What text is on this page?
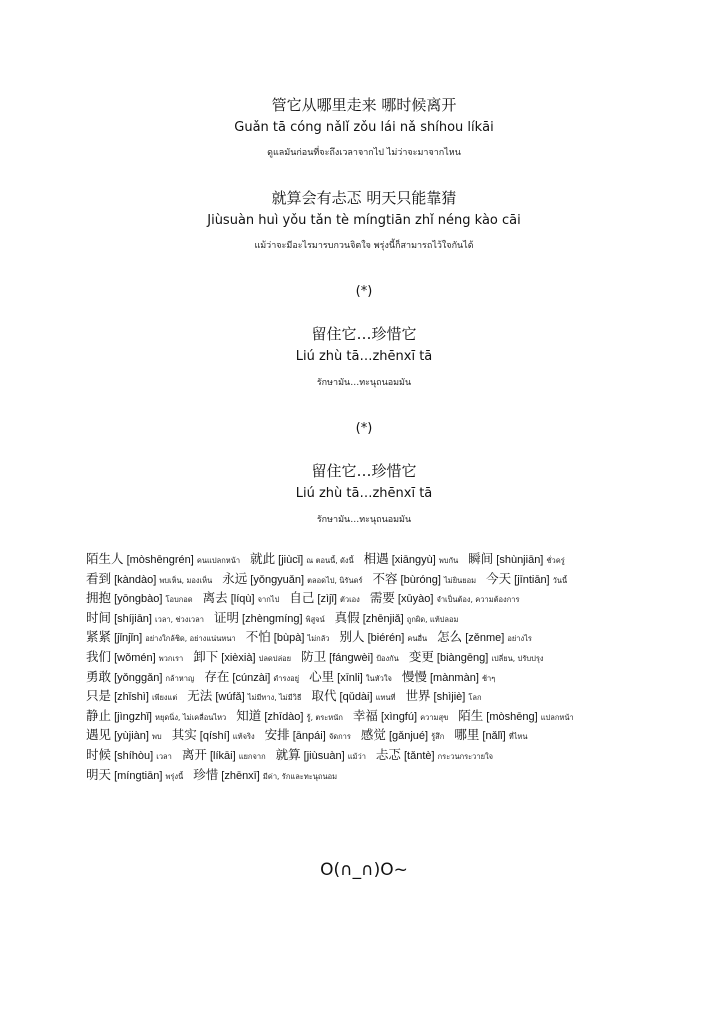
管它从哪里走来 哪时候离开
Guǎn tā cóng nǎlǐ zǒu lái nǎ shíhou líkāi
ดูแลมันก่อนที่จะถึงเวลาจากไป ไม่ว่าจะมาจากไหน
就算会有忐忑 明天只能靠猜
Jiùsuàn huì yǒu tǎn tè míngtiān zhǐ néng kào cāi
แม้ว่าจะมีอะไรมารบกวนจิตใจ พรุ่งนี้ก็สามารถไว้ใจกันได้
(*)
留住它…珍惜它
Liú zhù tā…zhēnxī tā
รักษามัน…ทะนุถนอมมัน
(*)
留住它…珍惜它
Liú zhù tā…zhēnxī tā
รักษามัน…ทะนุถนอมมัน
陌生人 [mòshēngrén] คนแปลกหน้า 就此 [jiùcǐ] ณ ตอนนี้, ดังนี้ 相遇 [xiāngyù] พบกัน 瞬间 [shùnjiān] ชั่วครู่
看到 [kàndào] พบเห็น, มองเห็น 永远 [yǒngyuǎn] ตลอดไป, นิรันดร์ 不容 [bùróng] ไม่ยินยอม 今天 [jīntiān] วันนี้
拥抱 [yōngbào] โอบกอด 离去 [líqù] จากไป 自己 [zìjǐ] ตัวเอง 需要 [xūyào] จำเป็นต้อง, ความต้องการ
时间 [shíjiān] เวลา, ช่วงเวลา 证明 [zhèngmíng] พิสูจน์ 真假 [zhēnjiǎ] ถูกผิด, แท้ปลอม
紧紧 [jǐnjǐn] อย่างใกล้ชิด, อย่างแน่นหนา 不怕 [bùpà] ไม่กลัว 别人 [biérén] คนอื่น 怎么 [zěnme] อย่างไร
我们 [wǒmén] พวกเรา 卸下 [xièxià] ปลดปล่อย 防卫 [fángwèi] ป้องกัน 变更 [biàngēng] เปลี่ยน, ปรับปรุง
勇敢 [yǒnggǎn] กล้าหาญ 存在 [cúnzài] ดำรงอยู่ 心里 [xīnli] ในหัวใจ 慢慢 [mànmàn] ช้าๆ
只是 [zhǐshì] เพียงแต่ 无法 [wúfǎ] ไม่มีทาง, ไม่มีวิธี 取代 [qǔdài] แทนที่ 世界 [shìjiè] โลก
静止 [jìngzhǐ] หยุดนิ่ง, ไม่เคลื่อนไหว 知道 [zhīdào] รู้, ตระหนัก 幸福 [xìngfú] ความสุข 陌生 [mòshēng] แปลกหน้า
遇见 [yùjiàn] พบ 其实 [qíshí] แท้จริง 安排 [ānpái] จัดการ 感觉 [gǎnjué] รู้สึก 哪里 [nǎlǐ] ที่ไหน
时候 [shíhòu] เวลา 离开 [líkāi] แยกจาก 就算 [jiùsuàn] แม้ว่า 忐忑 [tǎntè] กระวนกระวายใจ
明天 [míngtiān] พรุ่งนี้ 珍惜 [zhēnxī] มีค่า, รักและทะนุถนอม
O(∩_∩)O~
